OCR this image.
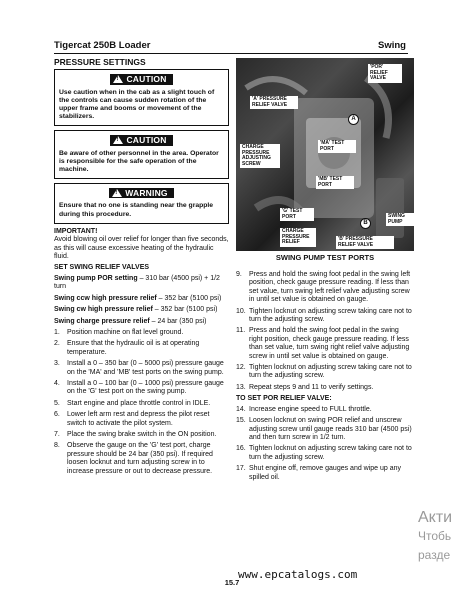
Tigercat 250B Loader	Swing
PRESSURE SETTINGS
!CAUTION
Use caution when in the cab as a slight touch of the controls can cause sudden rotation of the upper frame and booms or movement of the stabilizers.
!CAUTION
Be aware of other personnel in the area. Operator is responsible for the safe operation of the machine.
!WARNING
Ensure that no one is standing near the grapple during this procedure.
IMPORTANT!
Avoid blowing oil over relief for longer than five seconds, as this will cause excessive heating of the hydraulic fluid.
SET SWING RELIEF VALVES
Swing pump POR setting – 310 bar (4500 psi) + 1/2 turn
Swing ccw high pressure relief – 352 bar (5100 psi)
Swing cw high pressure relief – 352 bar (5100 psi)
Swing charge pressure relief – 24 bar (350 psi)
1.	Position machine on flat level ground.
2.	Ensure that the hydraulic oil is at operating temperature.
3.	Install a 0 – 350 bar (0 – 5000 psi) pressure gauge on the 'MA' and 'MB' test ports on the swing pump.
4.	Install a 0 – 100 bar (0 – 1000 psi) pressure gauge on the 'G' test port on the swing pump.
5.	Start engine and place throttle control in IDLE.
6.	Lower left arm rest and depress the pilot reset switch to activate the pilot system.
7.	Place the swing brake switch in the ON position.
8.	Observe the gauge on the 'G' test port, charge pressure should be 24 bar (350 psi). If required loosen locknut and turn adjusting screw in to increase pressure or out to decrease pressure.
'POR' RELIEF VALVE
'A' PRESSURE RELIEF VALVE
CHARGE PRESSURE ADJUSTING SCREW
'MA' TEST PORT
'MB' TEST PORT
'G' TEST PORT
CHARGE PRESSURE RELIEF
'B' PRESSURE RELIEF VALVE
SWING PUMP
A
B
SWING PUMP TEST PORTS
9.	Press and hold the swing foot pedal in the swing left position, check gauge pressure reading. If less than set value, turn swing left relief valve adjusting screw in until set value is obtained on gauge.
10. Tighten locknut on adjusting screw taking care not to turn the adjusting screw.
11. Press and hold the swing foot pedal in the swing right position, check gauge pressure reading. If less than set value, turn swing right relief valve adjusting screw in until set value is obtained on gauge.
12. Tighten locknut on adjusting screw taking care not to turn the adjusting screw.
13. Repeat steps 9 and 11 to verify settings.
TO SET POR RELIEF VALVE:
14. Increase engine speed to FULL throttle.
15. Loosen locknut on swing POR relief and unscrew adjusting screw until gauge reads 310 bar (4500 psi) and then turn screw in 1/2 turn.
16. Tighten locknut on adjusting screw taking care not to turn the adjusting screw.
17. Shut engine off, remove gauges and wipe up any spilled oil.
Акти
Чтобь
разде
15.7
www.epcatalogs.com
